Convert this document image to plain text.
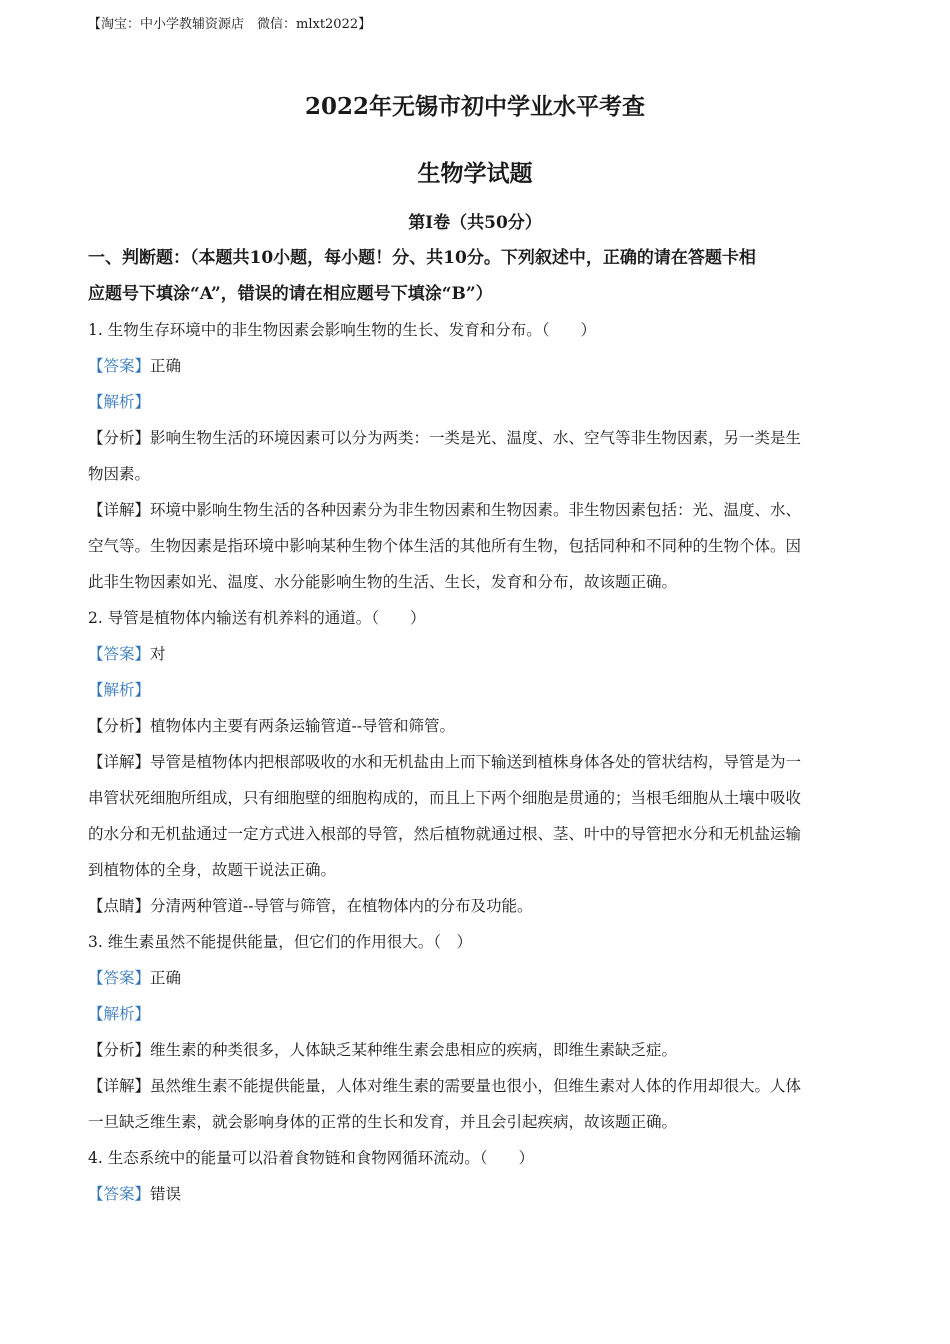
【淘宝：中小学教辅资源店　微信：mlxt2022】
2022年无锡市初中学业水平考查
生物学试题
第Ⅰ卷（共50分）
一、判断题：（本题共10小题，每小题！分、共10分。下列叙述中，正确的请在答题卡相
应题号下填涂“A”，错误的请在相应题号下填涂“B”）
1. 生物生存环境中的非生物因素会影响生物的生长、发育和分布。（　　）
【答案】正确
【解析】
【分析】影响生物生活的环境因素可以分为两类：一类是光、温度、水、空气等非生物因素，另一类是生
物因素。
【详解】环境中影响生物生活的各种因素分为非生物因素和生物因素。非生物因素包括：光、温度、水、
空气等。生物因素是指环境中影响某种生物个体生活的其他所有生物，包括同种和不同种的生物个体。因
此非生物因素如光、温度、水分能影响生物的生活、生长，发育和分布，故该题正确。
2. 导管是植物体内输送有机养料的通道。（　　）
【答案】对
【解析】
【分析】植物体内主要有两条运输管道--导管和筛管。
【详解】导管是植物体内把根部吸收的水和无机盐由上而下输送到植株身体各处的管状结构，导管是为一
串管状死细胞所组成，只有细胞壁的细胞构成的，而且上下两个细胞是贯通的；当根毛细胞从土壤中吸收
的水分和无机盐通过一定方式进入根部的导管，然后植物就通过根、茎、叶中的导管把水分和无机盐运输
到植物体的全身，故题干说法正确。
【点睛】分清两种管道--导管与筛管，在植物体内的分布及功能。
3. 维生素虽然不能提供能量，但它们的作用很大。（　）
【答案】正确
【解析】
【分析】维生素的种类很多，人体缺乏某种维生素会患相应的疾病，即维生素缺乏症。
【详解】虽然维生素不能提供能量，人体对维生素的需要量也很小，但维生素对人体的作用却很大。人体
一旦缺乏维生素，就会影响身体的正常的生长和发育，并且会引起疾病，故该题正确。
4. 生态系统中的能量可以沿着食物链和食物网循环流动。（　　）
【答案】错误
